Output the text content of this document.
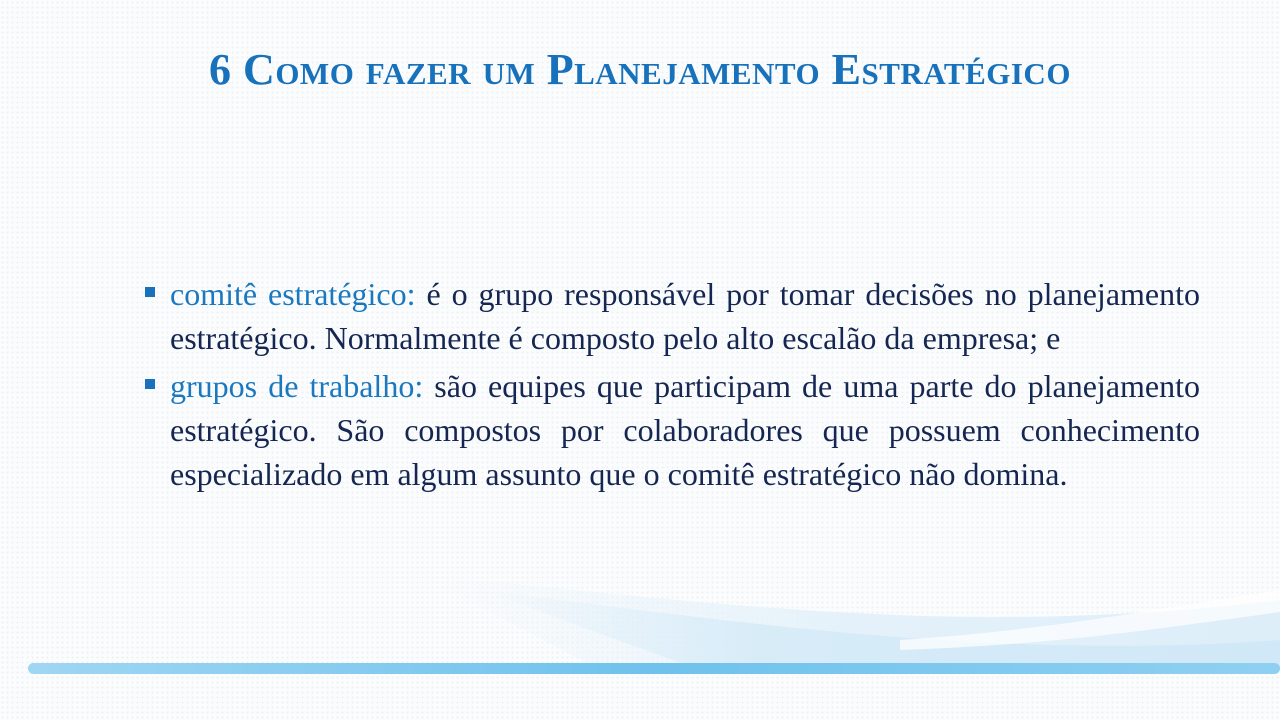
6 Como fazer um Planejamento Estratégico
comitê estratégico: é o grupo responsável por tomar decisões no planejamento estratégico. Normalmente é composto pelo alto escalão da empresa; e
grupos de trabalho: são equipes que participam de uma parte do planejamento estratégico. São compostos por colaboradores que possuem conhecimento especializado em algum assunto que o comitê estratégico não domina.
